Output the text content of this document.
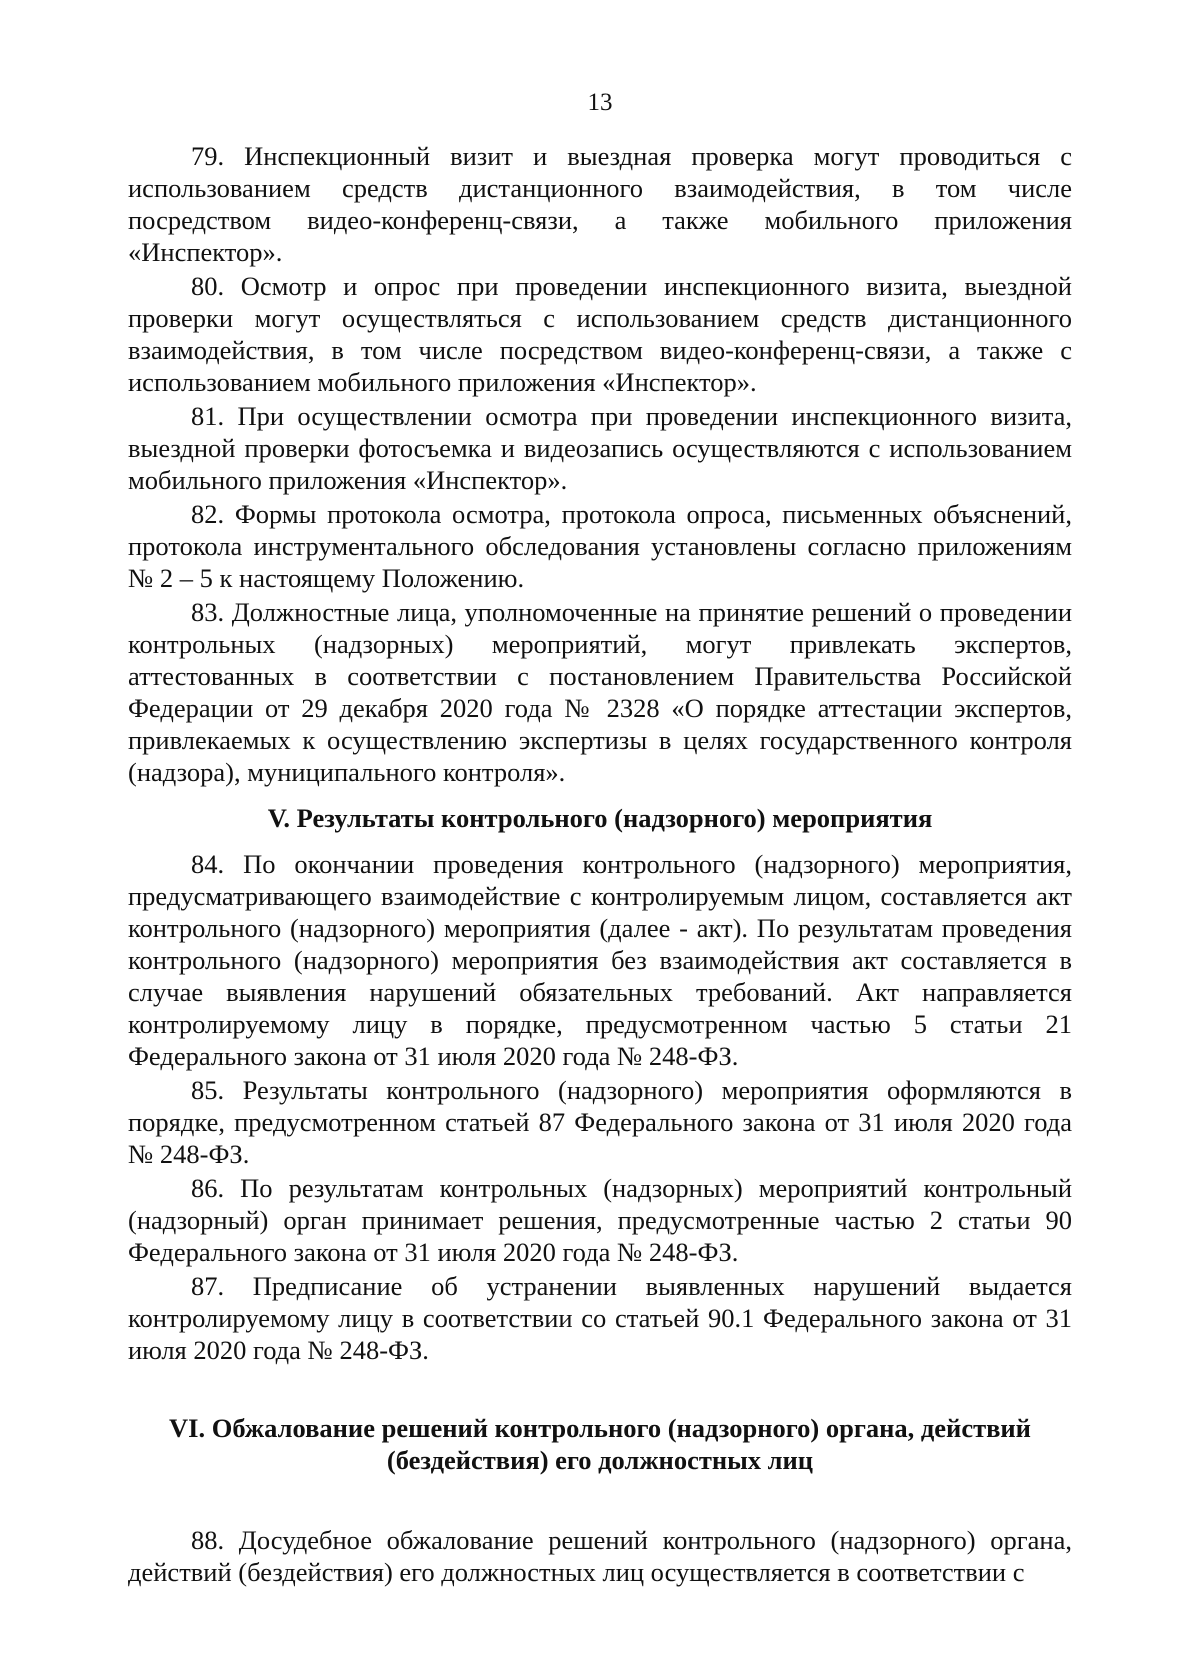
13

79. Инспекционный визит и выездная проверка могут проводиться с использованием средств дистанционного взаимодействия, в том числе посредством видео-конференц-связи, а также мобильного приложения «Инспектор».

80. Осмотр и опрос при проведении инспекционного визита, выездной проверки могут осуществляться с использованием средств дистанционного взаимодействия, в том числе посредством видео-конференц-связи, а также с использованием мобильного приложения «Инспектор».

81. При осуществлении осмотра при проведении инспекционного визита, выездной проверки фотосъемка и видеозапись осуществляются с использованием мобильного приложения «Инспектор».

82. Формы протокола осмотра, протокола опроса, письменных объяснений, протокола инструментального обследования установлены согласно приложениям № 2 – 5 к настоящему Положению.

83. Должностные лица, уполномоченные на принятие решений о проведении контрольных (надзорных) мероприятий, могут привлекать экспертов, аттестованных в соответствии с постановлением Правительства Российской Федерации от 29 декабря 2020 года № 2328 «О порядке аттестации экспертов, привлекаемых к осуществлению экспертизы в целях государственного контроля (надзора), муниципального контроля».

V. Результаты контрольного (надзорного) мероприятия

84. По окончании проведения контрольного (надзорного) мероприятия, предусматривающего взаимодействие с контролируемым лицом, составляется акт контрольного (надзорного) мероприятия (далее - акт). По результатам проведения контрольного (надзорного) мероприятия без взаимодействия акт составляется в случае выявления нарушений обязательных требований. Акт направляется контролируемому лицу в порядке, предусмотренном частью 5 статьи 21 Федерального закона от 31 июля 2020 года № 248-ФЗ.

85. Результаты контрольного (надзорного) мероприятия оформляются в порядке, предусмотренном статьей 87 Федерального закона от 31 июля 2020 года № 248-ФЗ.

86. По результатам контрольных (надзорных) мероприятий контрольный (надзорный) орган принимает решения, предусмотренные частью 2 статьи 90 Федерального закона от 31 июля 2020 года № 248-ФЗ.

87. Предписание об устранении выявленных нарушений выдается контролируемому лицу в соответствии со статьей 90.1 Федерального закона от 31 июля 2020 года № 248-ФЗ.

VI. Обжалование решений контрольного (надзорного) органа, действий
(бездействия) его должностных лиц

88. Досудебное обжалование решений контрольного (надзорного) органа, действий (бездействия) его должностных лиц осуществляется в соответствии с
